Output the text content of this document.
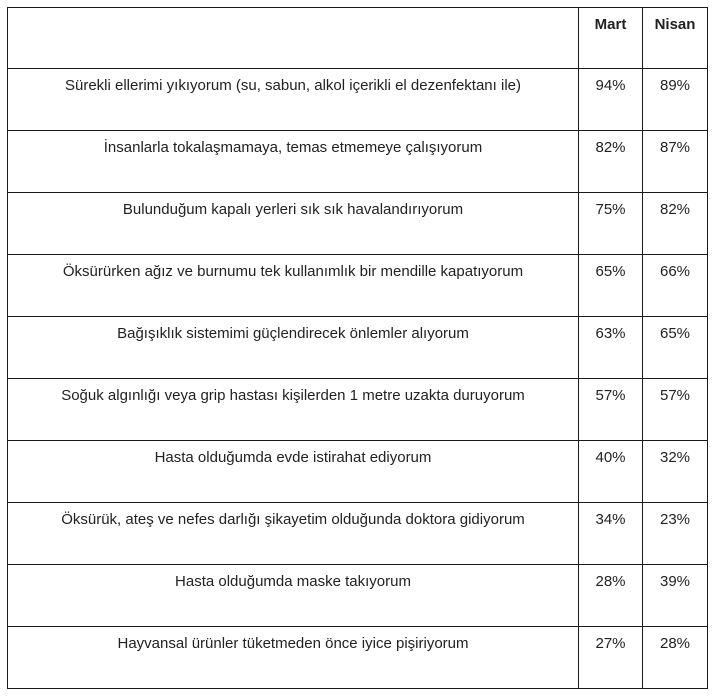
	Mart	Nisan
Sürekli ellerimi yıkıyorum (su, sabun, alkol içerikli el dezenfektanı ile)	94%	89%
İnsanlarla tokalaşmamaya, temas etmemeye çalışıyorum	82%	87%
Bulunduğum kapalı yerleri sık sık havalandırıyorum	75%	82%
Öksürürken ağız ve burnumu tek kullanımlık bir mendille kapatıyorum	65%	66%
Bağışıklık sistemimi güçlendirecek önlemler alıyorum	63%	65%
Soğuk algınlığı veya grip hastası kişilerden 1 metre uzakta duruyorum	57%	57%
Hasta olduğumda evde istirahat ediyorum	40%	32%
Öksürük, ateş ve nefes darlığı şikayetim olduğunda doktora gidiyorum	34%	23%
Hasta olduğumda maske takıyorum	28%	39%
Hayvansal ürünler tüketmeden önce iyice pişiriyorum	27%	28%
